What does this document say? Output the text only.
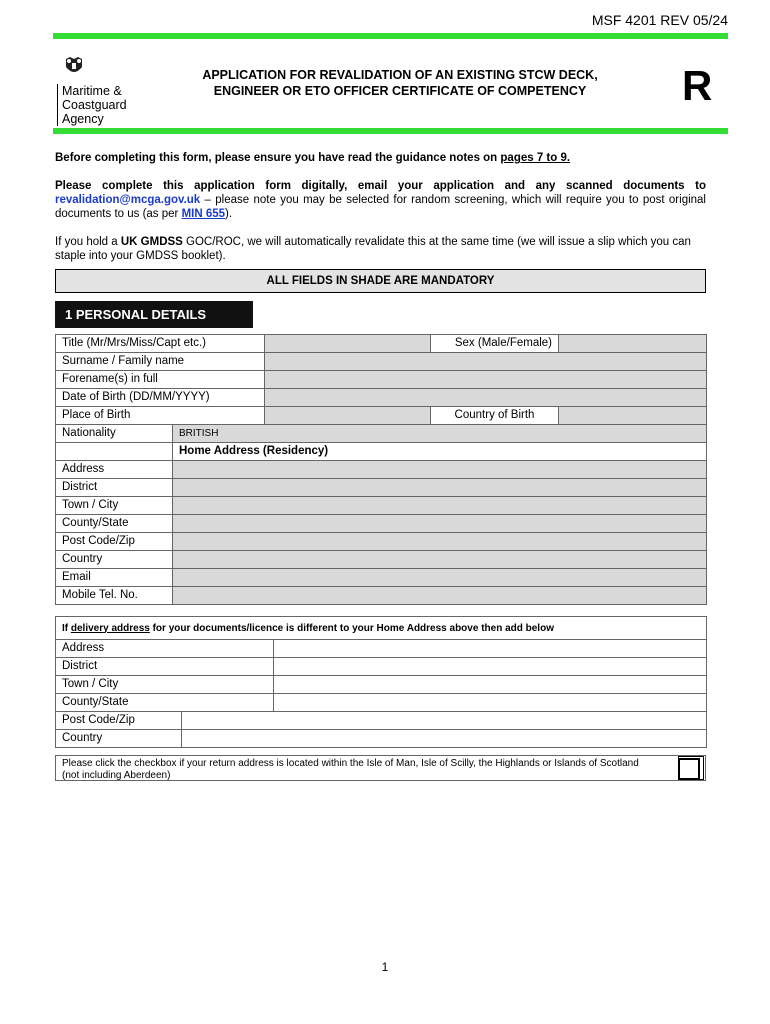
MSF 4201 REV 05/24
Maritime &
Coastguard
Agency
APPLICATION FOR REVALIDATION OF AN EXISTING STCW DECK,
ENGINEER OR ETO OFFICER CERTIFICATE OF COMPETENCY	R
Before completing this form, please ensure you have read the guidance notes on pages 7 to 9.
Please complete this application form digitally, email your application and any scanned documents to revalidation@mcga.gov.uk – please note you may be selected for random screening, which will require you to post original documents to us (as per MIN 655).
If you hold a UK GMDSS GOC/ROC, we will automatically revalidate this at the same time (we will issue a slip which you can staple into your GMDSS booklet).
ALL FIELDS IN SHADE ARE MANDATORY
1 PERSONAL DETAILS
Title (Mr/Mrs/Miss/Capt etc.)			Sex (Male/Female)	
Surname / Family name				
Forename(s) in full				
Date of Birth (DD/MM/YYYY)				
Place of Birth			Country of Birth	
Nationality	BRITISH			
	Home Address (Residency)			
Address				
District				
Town / City				
County/State				
Post Code/Zip				
Country				
Email				
Mobile Tel. No.				
If delivery address for your documents/licence is different to your Home Address above then add below		
Address		
District		
Town / City		
County/State		
Post Code/Zip		
Country		
Please click the checkbox if your return address is located within the Isle of Man, Isle of Scilly, the Highlands or Islands of Scotland (not including Aberdeen)
1
